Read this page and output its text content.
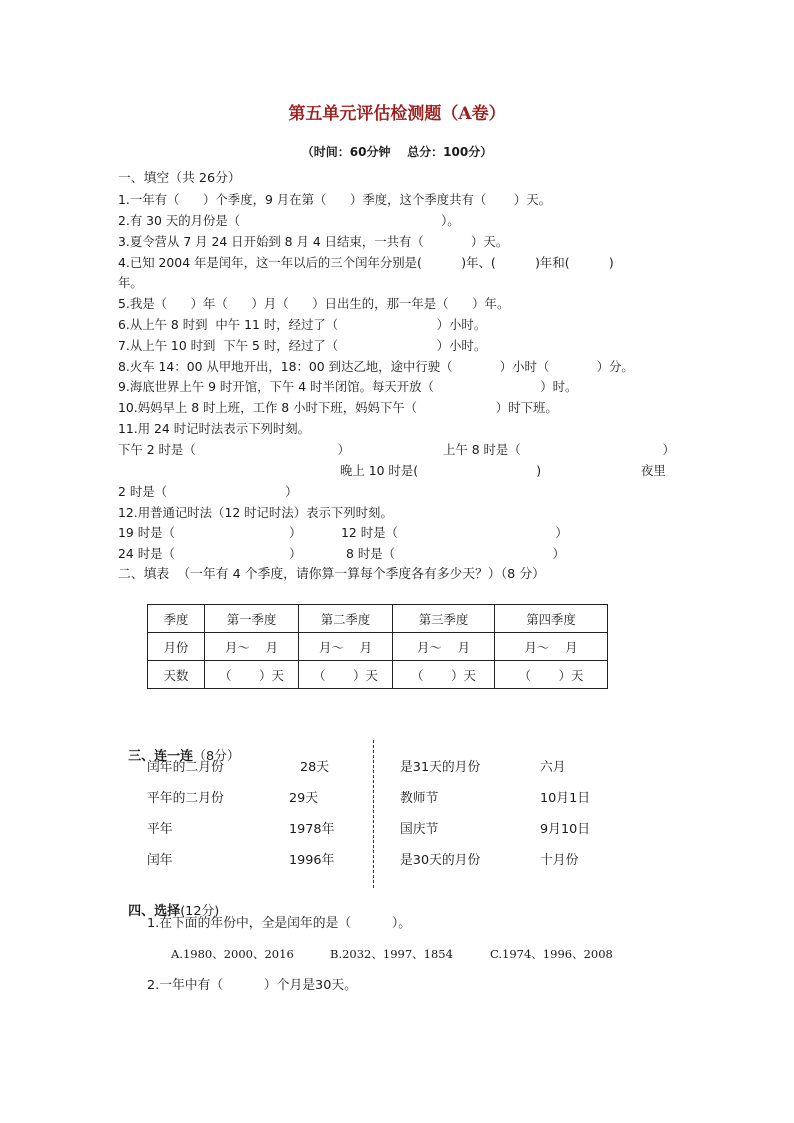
第五单元评估检测题（A卷）
（时间：60分钟    总分：100分）
一、填空（共 26分）
1.一年有（      ）个季度，9 月在第（      ）季度，这个季度共有（       ）天。
2.有 30 天的月份是（                                                   ）。
3.夏令营从 7 月 24 日开始到 8 月 4 日结束，一共有（            ）天。
4.已知 2004 年是闰年，这一年以后的三个闰年分别是(          )年、(          )年和(          )
年。
5.我是（      ）年（      ）月（      ）日出生的，那一年是（      ）年。
6.从上午 8 时到  中午 11 时，经过了（                         ）小时。
7.从上午 10 时到  下午 5 时，经过了（                         ）小时。
8.火车 14：00 从甲地开出，18：00 到达乙地，途中行驶（            ）小时（            ）分。
9.海底世界上午 9 时开馆，下午 4 时半闭馆。每天开放（                           ）时。
10.妈妈早上 8 时上班，工作 8 小时下班，妈妈下午（                    ）时下班。
11.用 24 时记时法表示下列时刻。
下午 2 时是（                                    ）	上午 8 时是（                                    ）
晚上 10 时是(                              )	夜里
2 时是（                              ）
12.用普通记时法（12 时记时法）表示下列时刻。
19 时是（                             ）	12 时是（                                        ）
24 时是（                             ）	8 时是（                                        ）
二、填表  （一年有 4 个季度，请你算一算每个季度各有多少天？）（8 分）
季度	第一季度	第二季度	第三季度	第四季度
月份	月～    月	月～    月	月～    月	月～    月
天数	（       ）天	（       ）天	（       ）天	（       ）天

三、连一连（8分）

闰年的二月份	28天
平年的二月份	29天
平年	1978年
闰年	1996年
是31天的月份	六月
教师节	10月1日
国庆节	9月10日
是30天的月份	十月份

四、选择(12分)

1.在下面的年份中，全是闰年的是（          ）。
A.1980、2000、2016	B.2032、1997、1854	C.1974、1996、2008
2.一年中有（          ）个月是30天。
